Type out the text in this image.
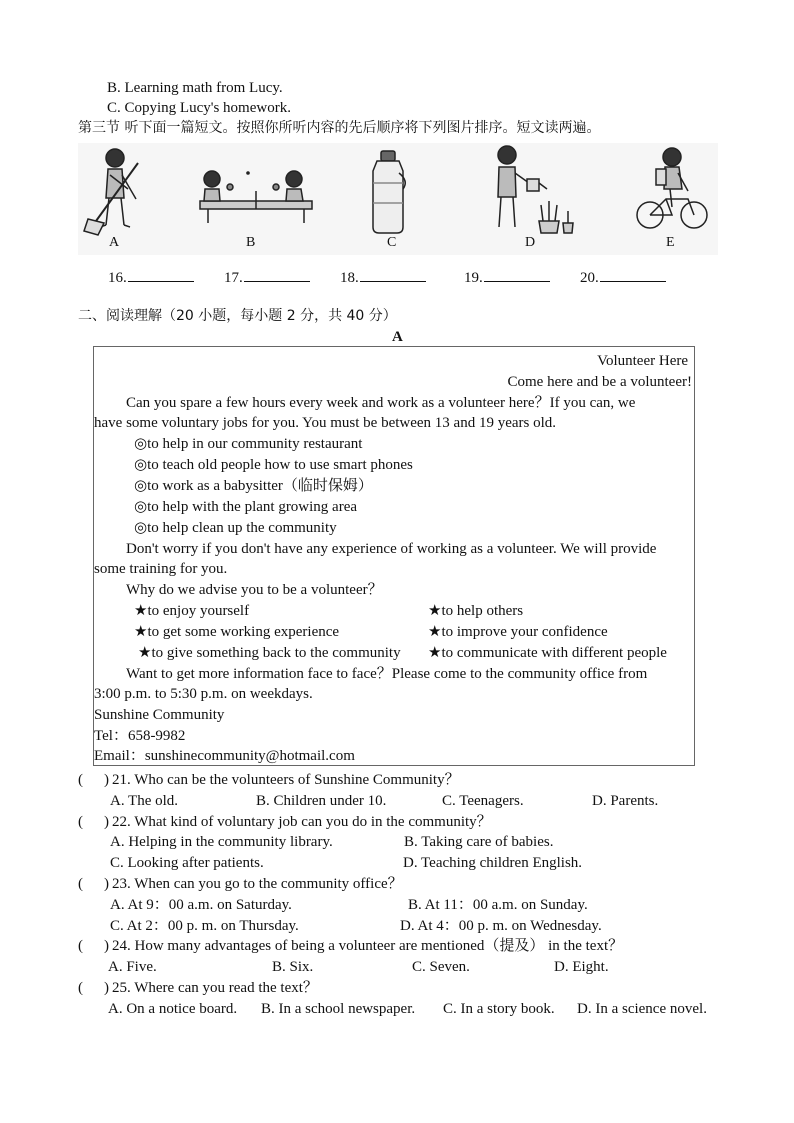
B. Learning math from Lucy.
C. Copying Lucy's homework.
第三节 听下面一篇短文。按照你所听内容的先后顺序将下列图片排序。短文读两遍。
A	B	C	D	E
16.	17.	18.	19.	20.
二、阅读理解（20 小题，每小题 2 分，共 40 分）
A
Volunteer Here
Come here and be a volunteer!
Can you spare a few hours every week and work as a volunteer here？If you can, we
have some voluntary jobs for you. You must be between 13 and 19 years old.
◎to help in our community restaurant
◎to teach old people how to use smart phones
◎to work as a babysitter（临时保姆）
◎to help with the plant growing area
◎to help clean up the community
Don't worry if you don't have any experience of working as a volunteer. We will provide
some training for you.
Why do we advise you to be a volunteer？
★to enjoy yourself	★to help others
★to get some working experience	★to improve your confidence
★to give something back to the community ★to communicate with different people
Want to get more information face to face？Please come to the community office from
3:00 p.m. to 5:30 p.m. on weekdays.
Sunshine Community
Tel：658-9982
Email：sunshinecommunity@hotmail.com
( ) 21. Who can be the volunteers of Sunshine Community？
A. The old.	B. Children under 10.	C. Teenagers.	D. Parents.
( ) 22. What kind of voluntary job can you do in the community？
A. Helping in the community library.	B. Taking care of babies.
C. Looking after patients.	D. Teaching children English.
( ) 23. When can you go to the community office？
A. At 9：00 a.m. on Saturday.	B. At 11：00 a.m. on Sunday.
C. At 2：00 p. m. on Thursday.	D. At 4：00 p. m. on Wednesday.
( ) 24. How many advantages of being a volunteer are mentioned（提及） in the text？
A. Five.	B. Six.	C. Seven.	D. Eight.
( ) 25. Where can you read the text？
A. On a notice board. B. In a school newspaper. C. In a story book. D. In a science novel.
